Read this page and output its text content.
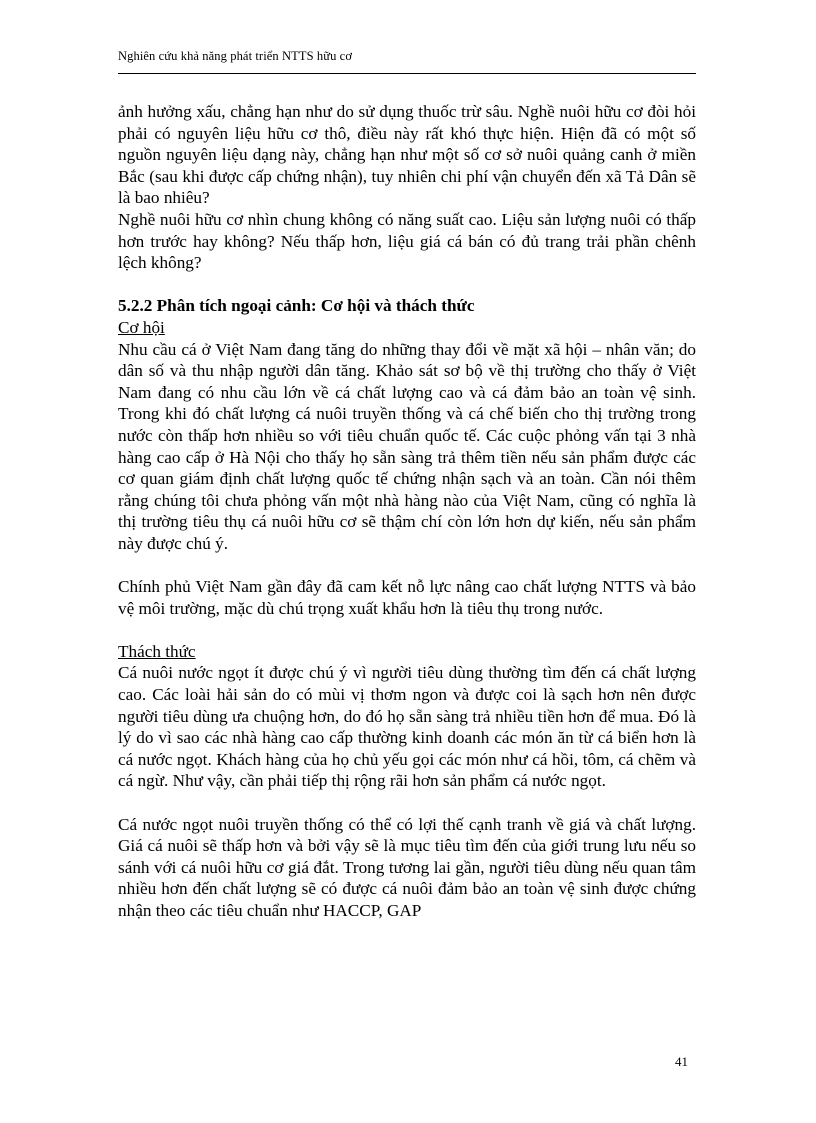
Nghiên cứu khả năng phát triển NTTS hữu cơ

ảnh hưởng xấu, chẳng hạn như do sử dụng thuốc trừ sâu. Nghề nuôi hữu cơ đòi hỏi phải có nguyên liệu hữu cơ thô, điều này rất khó thực hiện. Hiện đã có một số nguồn nguyên liệu dạng này, chẳng hạn như một số cơ sở nuôi quảng canh ở miền Bắc (sau khi được cấp chứng nhận), tuy nhiên chi phí vận chuyển đến xã Tả Dân sẽ là bao nhiêu?

Nghề nuôi hữu cơ nhìn chung không có năng suất cao. Liệu sản lượng nuôi có thấp hơn trước hay không? Nếu thấp hơn, liệu giá cá bán có đủ trang trải phần chênh lệch không?

5.2.2 Phân tích ngoại cảnh: Cơ hội và thách thức

Cơ hội

Nhu cầu cá ở Việt Nam đang tăng do những thay đổi về mặt xã hội – nhân văn; do dân số và thu nhập người dân tăng. Khảo sát sơ bộ về thị trường cho thấy ở Việt Nam đang có nhu cầu lớn về cá chất lượng cao và cá đảm bảo an toàn vệ sinh. Trong khi đó chất lượng cá nuôi truyền thống và cá chế biến cho thị trường trong nước còn thấp hơn nhiều so với tiêu chuẩn quốc tế. Các cuộc phỏng vấn tại 3 nhà hàng cao cấp ở Hà Nội cho thấy họ sẵn sàng trả thêm tiền nếu sản phẩm được các cơ quan giám định chất lượng quốc tế chứng nhận sạch và an toàn. Cần nói thêm rằng chúng tôi chưa phỏng vấn một nhà hàng nào của Việt Nam, cũng có nghĩa là thị trường tiêu thụ cá nuôi hữu cơ sẽ thậm chí còn lớn hơn dự kiến, nếu sản phẩm này được chú ý.

Chính phủ Việt Nam gần đây đã cam kết nỗ lực nâng cao chất lượng NTTS và bảo vệ môi trường, mặc dù chú trọng xuất khẩu hơn là tiêu thụ trong nước.

Thách thức

Cá nuôi nước ngọt ít được chú ý vì người tiêu dùng thường tìm đến cá chất lượng cao. Các loài hải sản do có mùi vị thơm ngon và được coi là sạch hơn nên được người tiêu dùng ưa chuộng hơn, do đó họ sẵn sàng trả nhiều tiền hơn để mua. Đó là lý do vì sao các nhà hàng cao cấp thường kinh doanh các món ăn từ cá biển hơn là cá nước ngọt. Khách hàng của họ chủ yếu gọi các món như cá hồi, tôm, cá chẽm và cá ngừ. Như vậy, cần phải tiếp thị rộng rãi hơn sản phẩm cá nước ngọt.

Cá nước ngọt nuôi truyền thống có thể có lợi thế cạnh tranh về giá và chất lượng. Giá cá nuôi sẽ thấp hơn và bởi vậy sẽ là mục tiêu tìm đến của giới trung lưu nếu so sánh với cá nuôi hữu cơ giá đắt. Trong tương lai gần, người tiêu dùng nếu quan tâm nhiều hơn đến chất lượng sẽ có được cá nuôi đảm bảo an toàn vệ sinh được chứng nhận theo các tiêu chuẩn như HACCP, GAP

41
